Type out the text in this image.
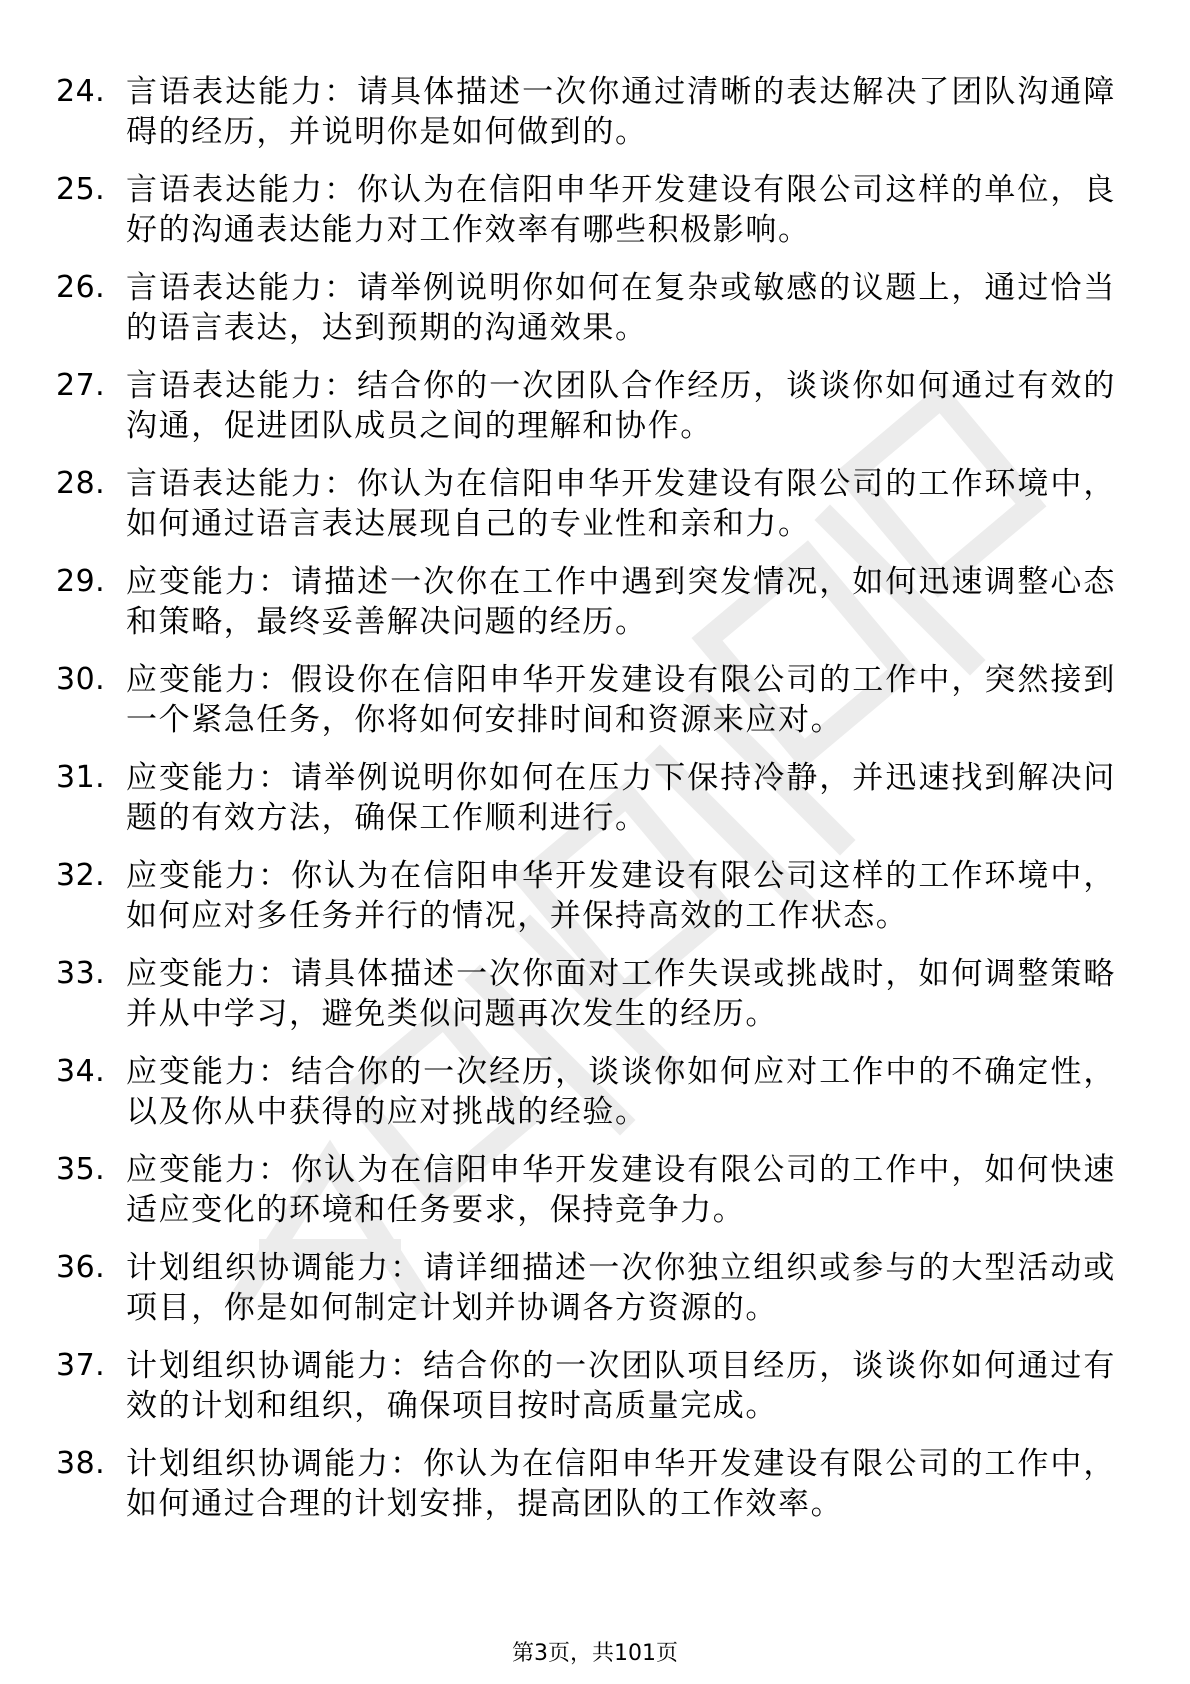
24. 言语表达能力：请具体描述一次你通过清晰的表达解决了团队沟通障碍的经历，并说明你是如何做到的。
25. 言语表达能力：你认为在信阳申华开发建设有限公司这样的单位，良好的沟通表达能力对工作效率有哪些积极影响。
26. 言语表达能力：请举例说明你如何在复杂或敏感的议题上，通过恰当的语言表达，达到预期的沟通效果。
27. 言语表达能力：结合你的一次团队合作经历，谈谈你如何通过有效的沟通，促进团队成员之间的理解和协作。
28. 言语表达能力：你认为在信阳申华开发建设有限公司的工作环境中，如何通过语言表达展现自己的专业性和亲和力。
29. 应变能力：请描述一次你在工作中遇到突发情况，如何迅速调整心态和策略，最终妥善解决问题的经历。
30. 应变能力：假设你在信阳申华开发建设有限公司的工作中，突然接到一个紧急任务，你将如何安排时间和资源来应对。
31. 应变能力：请举例说明你如何在压力下保持冷静，并迅速找到解决问题的有效方法，确保工作顺利进行。
32. 应变能力：你认为在信阳申华开发建设有限公司这样的工作环境中，如何应对多任务并行的情况，并保持高效的工作状态。
33. 应变能力：请具体描述一次你面对工作失误或挑战时，如何调整策略并从中学习，避免类似问题再次发生的经历。
34. 应变能力：结合你的一次经历，谈谈你如何应对工作中的不确定性，以及你从中获得的应对挑战的经验。
35. 应变能力：你认为在信阳申华开发建设有限公司的工作中，如何快速适应变化的环境和任务要求，保持竞争力。
36. 计划组织协调能力：请详细描述一次你独立组织或参与的大型活动或项目，你是如何制定计划并协调各方资源的。
37. 计划组织协调能力：结合你的一次团队项目经历，谈谈你如何通过有效的计划和组织，确保项目按时高质量完成。
38. 计划组织协调能力：你认为在信阳申华开发建设有限公司的工作中，如何通过合理的计划安排，提高团队的工作效率。
第3页，共101页
